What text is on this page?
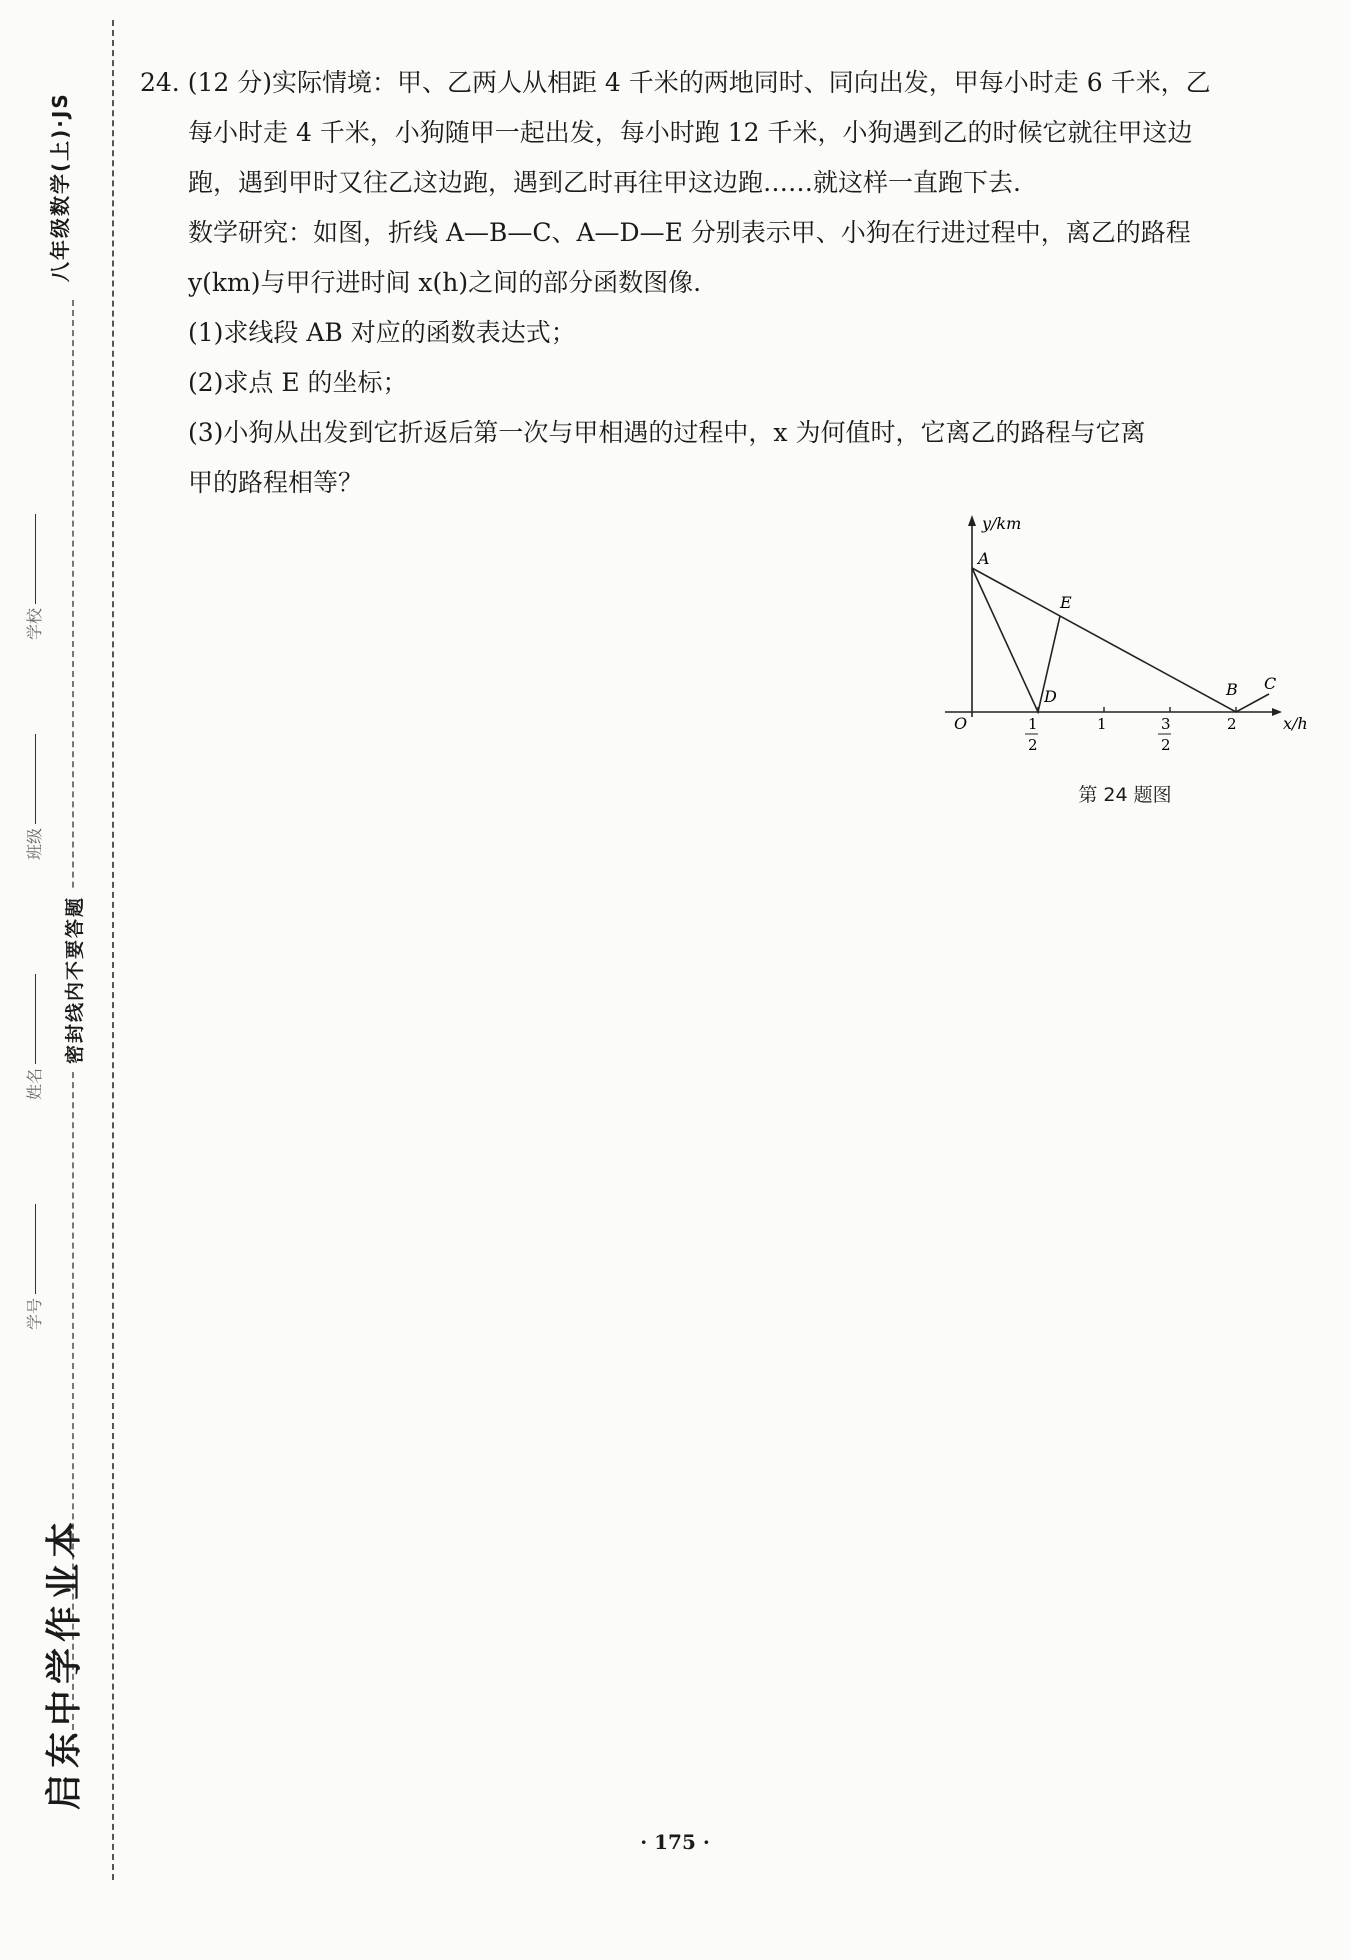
八年级数学(上)·JS
学校
班级
姓名
学号
密封线内不要答题
启东中学作业本

24. (12 分)实际情境：甲、乙两人从相距 4 千米的两地同时、同向出发，甲每小时走 6 千米，乙

每小时走 4 千米，小狗随甲一起出发，每小时跑 12 千米，小狗遇到乙的时候它就往甲这边

跑，遇到甲时又往乙这边跑，遇到乙时再往甲这边跑……就这样一直跑下去.

数学研究：如图，折线 A—B—C、A—D—E 分别表示甲、小狗在行进过程中，离乙的路程

y(km)与甲行进时间 x(h)之间的部分函数图像.

(1)求线段 AB 对应的函数表达式；

(2)求点 E 的坐标；

(3)小狗从出发到它折返后第一次与甲相遇的过程中，x 为何值时，它离乙的路程与它离

甲的路程相等？

y/km
x/h
O	1
2
1	3
2
2
A
E
D	B C
第 24 题图
· 175 ·
